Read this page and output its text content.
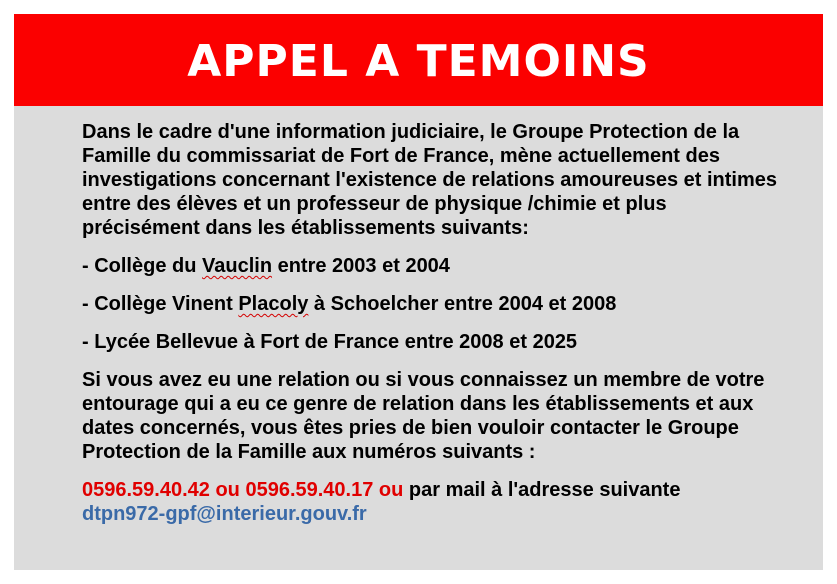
APPEL A TEMOINS

Dans le cadre d'une information judiciaire, le Groupe Protection de la Famille du commissariat de Fort de France, mène actuellement des investigations concernant l'existence de relations amoureuses et intimes entre des élèves et un professeur de physique /chimie et plus précisément dans les établissements suivants:

- Collège du Vauclin entre 2003 et 2004

- Collège Vinent Placoly à Schoelcher entre 2004 et 2008

- Lycée Bellevue à Fort de France entre 2008 et 2025

Si vous avez eu une relation ou si vous connaissez un membre de votre entourage qui a eu ce genre de relation dans les établissements et aux dates concernés, vous êtes pries de bien vouloir contacter le Groupe Protection de la Famille aux numéros suivants :

0596.59.40.42 ou 0596.59.40.17 ou par mail à l'adresse suivante
dtpn972-gpf@interieur.gouv.fr
